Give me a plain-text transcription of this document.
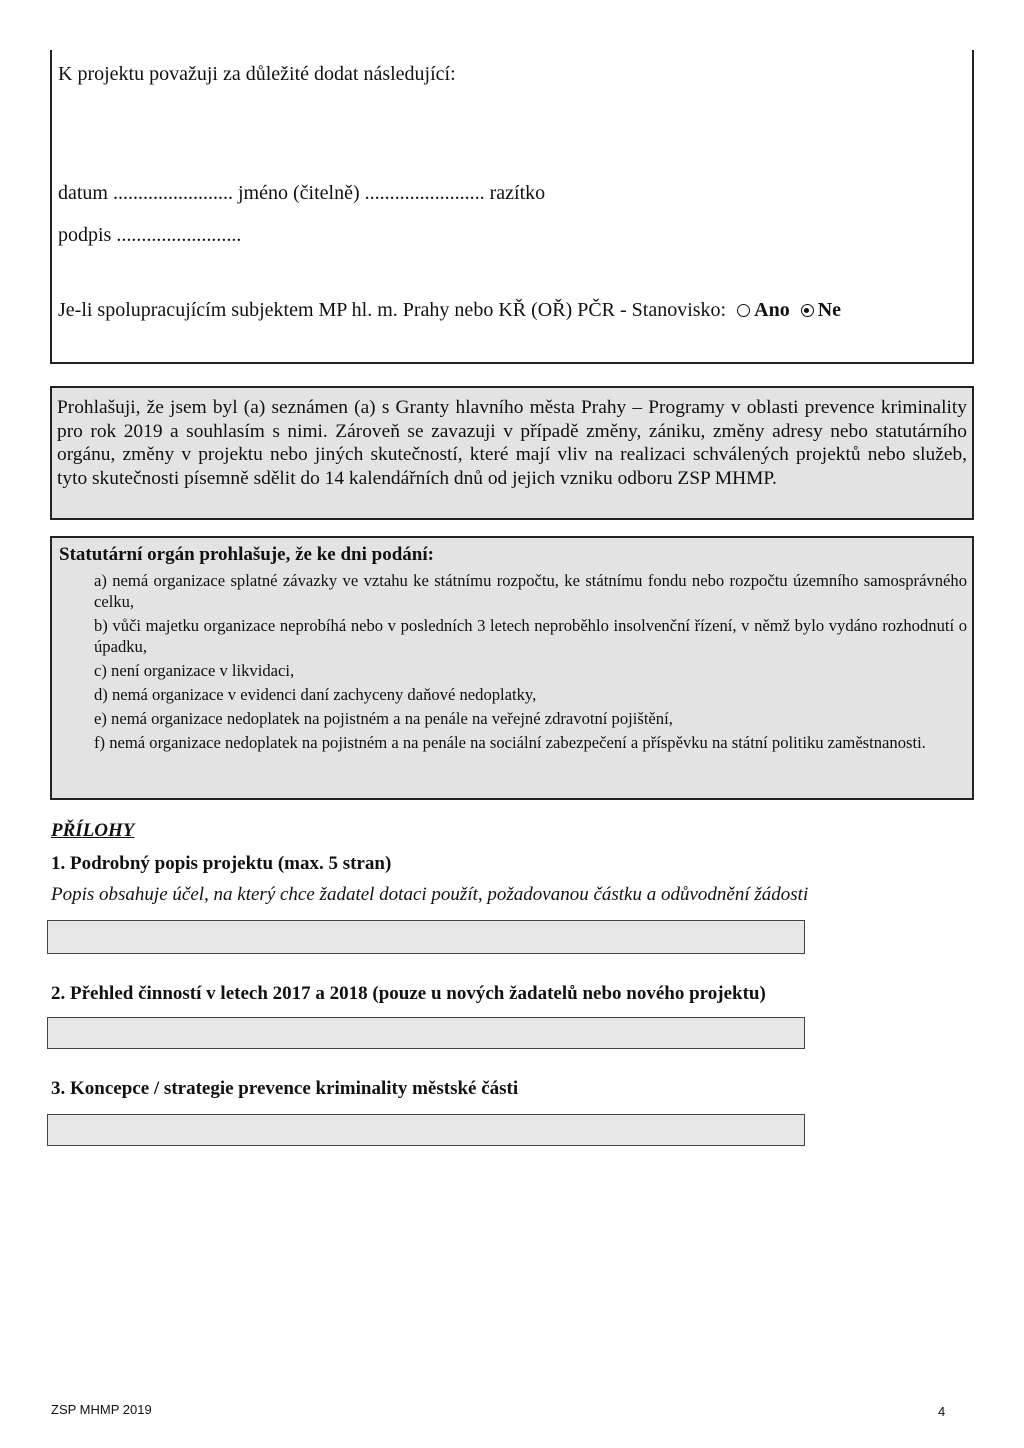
K projektu považuji za důležité dodat následující:
datum ........................ jméno (čitelně) ........................ razítko
podpis .........................
Je-li spolupracujícím subjektem MP hl. m. Prahy nebo KŘ (OŘ) PČR - Stanovisko: Ano Ne

Prohlašuji, že jsem byl (a) seznámen (a) s Granty hlavního města Prahy – Programy v oblasti prevence kriminality pro rok 2019 a souhlasím s nimi. Zároveň se zavazuji v případě změny, zániku, změny adresy nebo statutárního orgánu, změny v projektu nebo jiných skutečností, které mají vliv na realizaci schválených projektů nebo služeb, tyto skutečnosti písemně sdělit do 14 kalendářních dnů od jejich vzniku odboru ZSP MHMP.

Statutární orgán prohlašuje, že ke dni podání:

a) nemá organizace splatné závazky ve vztahu ke státnímu rozpočtu, ke státnímu fondu nebo rozpočtu územního samosprávného celku,

b) vůči majetku organizace neprobíhá nebo v posledních 3 letech neproběhlo insolvenční řízení, v němž bylo vydáno rozhodnutí o úpadku,

c) není organizace v likvidaci,

d) nemá organizace v evidenci daní zachyceny daňové nedoplatky,

e) nemá organizace nedoplatek na pojistném a na penále na veřejné zdravotní pojištění,

f) nemá organizace nedoplatek na pojistném a na penále na sociální zabezpečení a příspěvku na státní politiku zaměstnanosti.

PŘÍLOHY
1. Podrobný popis projektu (max. 5 stran)
Popis obsahuje účel, na který chce žadatel dotaci použít, požadovanou částku a odůvodnění žádosti
2. Přehled činností v letech 2017 a 2018 (pouze u nových žadatelů nebo nového projektu)
3. Koncepce / strategie prevence kriminality městské části
ZSP MHMP 2019	4
